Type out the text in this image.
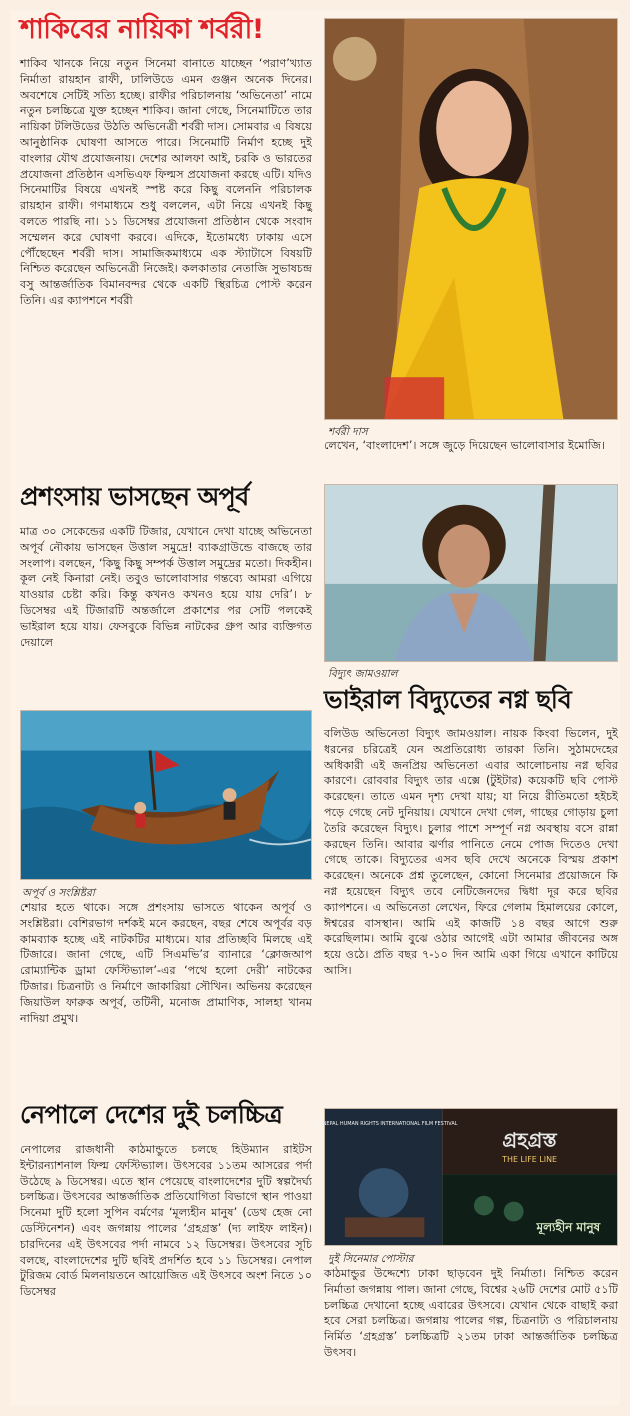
শাকিবের নায়িকা শর্বরী!
শাকিব খানকে নিয়ে নতুন সিনেমা বানাতে যাচ্ছেন ‘পরাণ’খ্যাত নির্মাতা রায়হান রাফী, ঢালিউডে এমন গুঞ্জন অনেক দিনের। অবশেষে সেটিই সত্যি হচ্ছে। রাফীর পরিচালনায় ‘অভিনেতা’ নামে নতুন চলচ্চিত্রে যুক্ত হচ্ছেন শাকিব। জানা গেছে, সিনেমাটিতে তার নায়িকা টলিউডের উঠতি অভিনেত্রী শর্বরী দাস। সোমবার এ বিষয়ে আনুষ্ঠানিক ঘোষণা আসতে পারে। সিনেমাটি নির্মাণ হচ্ছে দুই বাংলার যৌথ প্রযোজনায়। দেশের আলফা আই, চরকি ও ভারতের প্রযোজনা প্রতিষ্ঠান এসভিএফ ফিল্মস প্রযোজনা করছে এটি। যদিও সিনেমাটির বিষয়ে এখনই স্পষ্ট করে কিছু বলেননি পরিচালক রায়হান রাফী। গণমাধ্যমে শুধু বললেন, এটা নিয়ে এখনই কিছু বলতে পারছি না। ১১ ডিসেম্বর প্রযোজনা প্রতিষ্ঠান থেকে সংবাদ সম্মেলন করে ঘোষণা করবে। এদিকে, ইতোমধ্যে ঢাকায় এসে পৌঁছেছেন শর্বরী দাস। সামাজিকমাধ্যমে এক স্ট্যাটাসে বিষয়টি নিশ্চিত করেছেন অভিনেত্রী নিজেই। কলকাতার নেতাজি সুভাষচন্দ্র বসু আন্তর্জাতিক বিমানবন্দর থেকে একটি স্থিরচিত্র পোস্ট করেন তিনি। এর ক্যাপশনে শর্বরী
শর্বরী দাস
লেখেন, ‘বাংলাদেশ’। সঙ্গে জুড়ে দিয়েছেন ভালোবাসার ইমোজি।
প্রশংসায় ভাসছেন অপূর্ব
মাত্র ৩০ সেকেন্ডের একটি টিজার, যেখানে দেখা যাচ্ছে অভিনেতা অপূর্ব নৌকায় ভাসছেন উত্তাল সমুদ্রে! ব্যাকগ্রাউন্ডে বাজছে তার সংলাপ। বলছেন, ‘কিছু কিছু সম্পর্ক উত্তাল সমুদ্রের মতো। দিকহীন। কূল নেই কিনারা নেই। তবুও ভালোবাসার গন্তব্যে আমরা এগিয়ে যাওয়ার চেষ্টা করি। কিন্তু কখনও কখনও হয়ে যায় দেরি’। ৮ ডিসেম্বর এই টিজারটি অন্তর্জালে প্রকাশের পর সেটি পলকেই ভাইরাল হয়ে যায়। ফেসবুকে বিভিন্ন নাটকের গ্রুপ আর ব্যক্তিগত দেয়ালে
অপূর্ব ও সংশ্লিষ্টরা
শেয়ার হতে থাকে। সঙ্গে প্রশংসায় ভাসতে থাকেন অপূর্ব ও সংশ্লিষ্টরা। বেশিরভাগ দর্শকই মনে করছেন, বছর শেষে অপূর্বর বড় কামব্যাক হচ্ছে এই নাটকটির মাধ্যমে। যার প্রতিচ্ছবি মিলছে এই টিজারে। জানা গেছে, এটি সিএমভি’র ব্যানারে ‘ক্লোজআপ রোম্যান্টিক ড্রামা ফেস্টিভ্যাল’-এর ‘পথে হলো দেরী’ নাটকের টিজার। চিত্রনাট্য ও নির্মাণে জাকারিয়া সৌখিন। অভিনয় করেছেন জিয়াউল ফারুক অপূর্ব, তটিনী, মনোজ প্রামাণিক, সালহা খানম নাদিয়া প্রমুখ।
বিদ্যুৎ জামওয়াল
ভাইরাল বিদ্যুতের নগ্ন ছবি
বলিউড অভিনেতা বিদ্যুৎ জামওয়াল। নায়ক কিংবা ভিলেন, দুই ধরনের চরিত্রেই যেন অপ্রতিরোধ্য তারকা তিনি। সুঠামদেহের অধিকারী এই জনপ্রিয় অভিনেতা এবার আলোচনায় নগ্ন ছবির কারণে। রোববার বিদ্যুৎ তার এক্সে (টুইটার) কয়েকটি ছবি পোস্ট করেছেন। তাতে এমন দৃশ্য দেখা যায়; যা নিয়ে রীতিমতো হইচই পড়ে গেছে নেট দুনিয়ায়। যেখানে দেখা গেল, গাছের গোড়ায় চুলা তৈরি করেছেন বিদ্যুৎ। চুলার পাশে সম্পূর্ণ নগ্ন অবস্থায় বসে রান্না করছেন তিনি। আবার ঝর্ণার পানিতে নেমে পোজ দিতেও দেখা গেছে তাকে। বিদ্যুতের এসব ছবি দেখে অনেকে বিস্ময় প্রকাশ করেছেন। অনেকে প্রশ্ন তুলেছেন, কোনো সিনেমার প্রয়োজনে কি নগ্ন হয়েছেন বিদ্যুৎ তবে নেটিজেনদের দ্বিধা দূর করে ছবির ক্যাপশনে। এ অভিনেতা লেখেন, ফিরে গেলাম হিমালয়ের কোলে, ঈশ্বরের বাসস্থান। আমি এই কাজটি ১৪ বছর আগে শুরু করেছিলাম। আমি বুঝে ওঠার আগেই এটা আমার জীবনের অঙ্গ হয়ে ওঠে। প্রতি বছর ৭-১০ দিন আমি একা গিয়ে এখানে কাটিয়ে আসি।
নেপালে দেশের দুই চলচ্চিত্র
নেপালের রাজধানী কাঠমান্ডুতে চলছে হিউম্যান রাইটস ইন্টারন্যাশনাল ফিল্ম ফেস্টিভ্যাল। উৎসবের ১১তম আসরের পর্দা উঠেছে ৯ ডিসেম্বর। এতে স্থান পেয়েছে বাংলাদেশের দুটি স্বল্পদৈর্ঘ্য চলচ্চিত্র। উৎসবের আন্তর্জাতিক প্রতিযোগিতা বিভাগে স্থান পাওয়া সিনেমা দুটি হলো সুপিন বর্মণের ‘মূল্যহীন মানুষ’ (ডেথ হেজ নো ডেস্টিনেশন) এবং জগন্নায় পালের ‘গ্রহগ্রস্ত’ (দ্য লাইফ লাইন)। চারদিনের এই উৎসবের পর্দা নামবে ১২ ডিসেম্বর। উৎসবের সূচি বলছে, বাংলাদেশের দুটি ছবিই প্রদর্শিত হবে ১১ ডিসেম্বর। নেপাল টুরিজম বোর্ড মিলনায়তনে আয়োজিত এই উৎসবে অংশ নিতে ১০ ডিসেম্বর
11th NEPAL HUMAN RIGHTS INTERNATIONAL FILM FESTIVAL
গ্রহগ্রস্ত
THE LIFE LINE
মূল্যহীন মানুষ
দুই সিনেমার পোস্টার
কাঠমান্ডুর উদ্দেশ্যে ঢাকা ছাড়বেন দুই নির্মাতা। নিশ্চিত করেন নির্মাতা জগন্নায় পাল। জানা গেছে, বিশ্বের ২৬টি দেশের মোট ৫১টি চলচ্চিত্র দেখানো হচ্ছে এবারের উৎসবে। যেখান থেকে বাছাই করা হবে সেরা চলচ্চিত্র। জগন্নায় পালের গল্প, চিত্রনাট্য ও পরিচালনায় নির্মিত ‘গ্রহগ্রস্ত’ চলচ্চিত্রটি ২১তম ঢাকা আন্তর্জাতিক চলচ্চিত্র উৎসব।
